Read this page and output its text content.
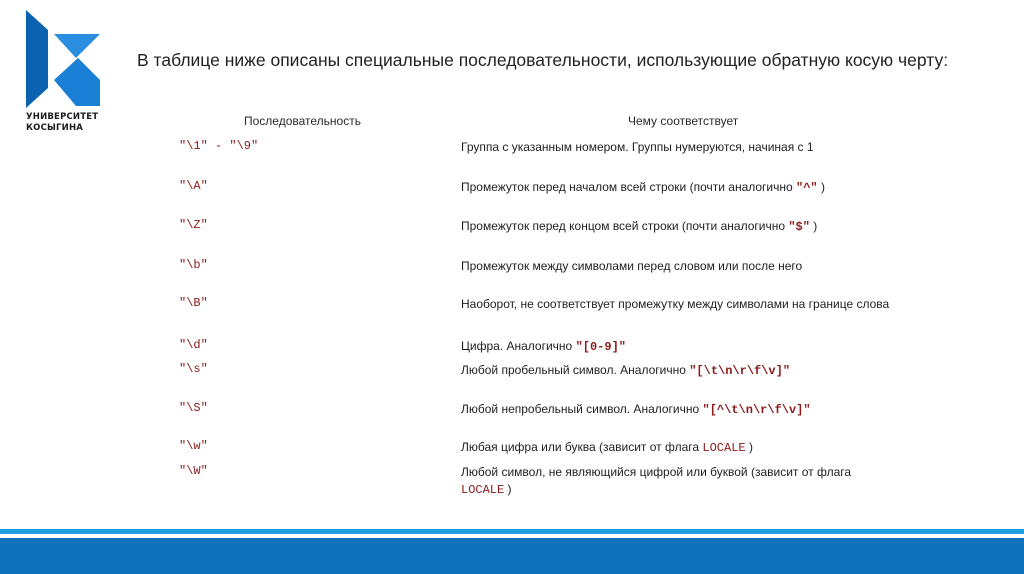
УНИВЕРСИТЕТ
КОСЫГИНА
В таблице ниже описаны специальные последовательности, использующие обратную косую черту:
Последовательность	Чему соответствует
"\1" - "\9"	Группа с указанным номером. Группы нумеруются, начиная с 1
"\A"	Промежуток перед началом всей строки (почти аналогично "^" )
"\Z"	Промежуток перед концом всей строки (почти аналогично "$" )
"\b"	Промежуток между символами перед словом или после него
"\B"	Наоборот, не соответствует промежутку между символами на границе слова
"\d"	Цифра. Аналогично "[0-9]"
"\s"	Любой пробельный символ. Аналогично "[\t\n\r\f\v]"
"\S"	Любой непробельный символ. Аналогично "[^\t\n\r\f\v]"
"\w"	Любая цифра или буква (зависит от флага LOCALE )
"\W"	Любой символ, не являющийся цифрой или буквой (зависит от флага LOCALE )
